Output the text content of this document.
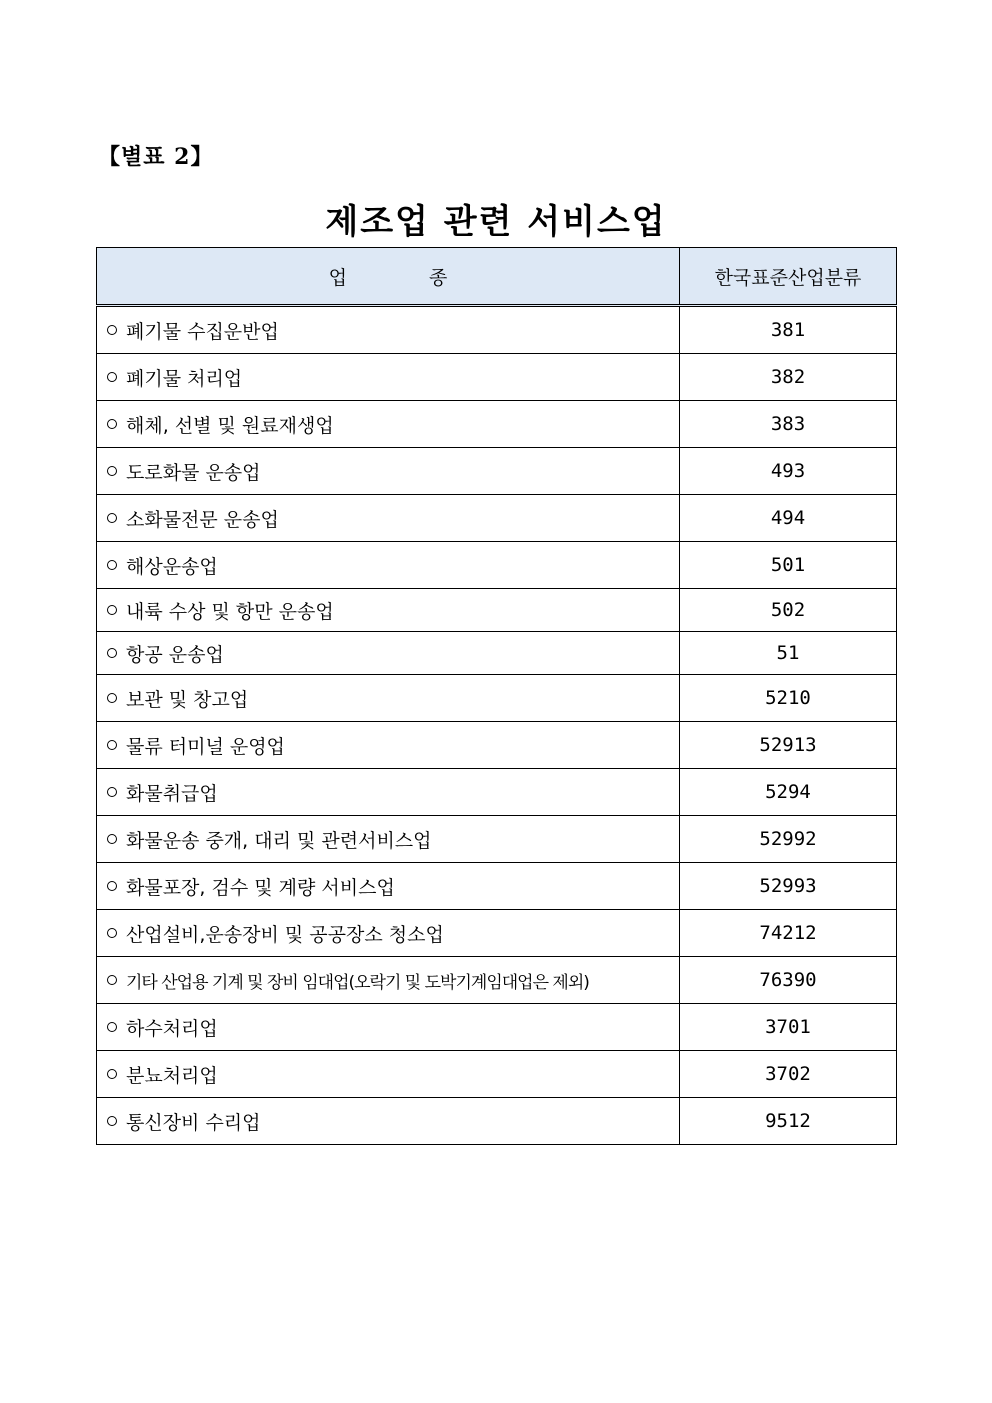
【별표 2】
제조업 관련 서비스업
업 종	한국표준산업분류
폐기물 수집운반업	381
폐기물 처리업	382
해체, 선별 및 원료재생업	383
도로화물 운송업	493
소화물전문 운송업	494
해상운송업	501
내륙 수상 및 항만 운송업	502
항공 운송업	51
보관 및 창고업	5210
물류 터미널 운영업	52913
화물취급업	5294
화물운송 중개, 대리 및 관련서비스업	52992
화물포장, 검수 및 계량 서비스업	52993
산업설비,운송장비 및 공공장소 청소업	74212
기타 산업용 기계 및 장비 임대업(오락기 및 도박기계임대업은 제외)	76390
하수처리업	3701
분뇨처리업	3702
통신장비 수리업	9512
